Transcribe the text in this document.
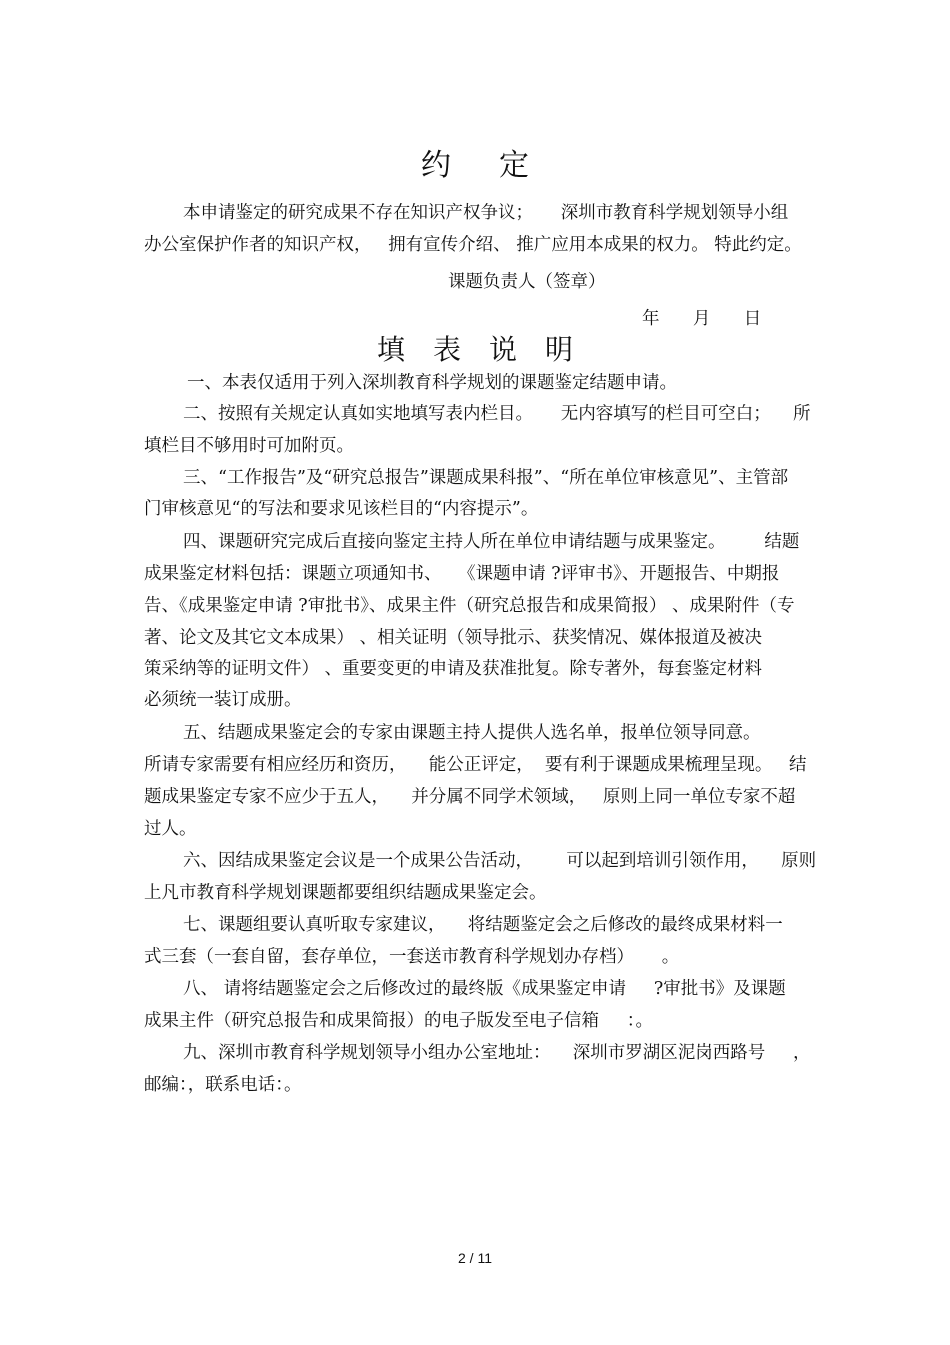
约定
本申请鉴定的研究成果不存在知识产权争议；     深圳市教育科学规划领导小组
办公室保护作者的知识产权，   拥有宣传介绍、 推广应用本成果的权力。 特此约定。
课题负责人（签章）
年      月      日
填表说明
一、本表仅适用于列入深圳教育科学规划的课题鉴定结题申请。
二、按照有关规定认真如实地填写表内栏目。     无内容填写的栏目可空白；    所
填栏目不够用时可加附页。
三、“工作报告”及“研究总报告”课题成果科报”、“所在单位审核意见”、主管部
门审核意见“的写法和要求见该栏目的“内容提示”。
四、课题研究完成后直接向鉴定主持人所在单位申请结题与成果鉴定。       结题
成果鉴定材料包括：课题立项通知书、   《课题申请 ?评审书》、开题报告、中期报
告、《成果鉴定申请 ?审批书》、成果主件（研究总报告和成果简报） 、成果附件（专
著、论文及其它文本成果） 、相关证明（领导批示、获奖情况、媒体报道及被决
策采纳等的证明文件） 、重要变更的申请及获准批复。除专著外，每套鉴定材料
必须统一装订成册。
五、结题成果鉴定会的专家由课题主持人提供人选名单，报单位领导同意。
所请专家需要有相应经历和资历，    能公正评定，  要有利于课题成果梳理呈现。   结
题成果鉴定专家不应少于五人，    并分属不同学术领域，   原则上同一单位专家不超
过人。
六、因结成果鉴定会议是一个成果公告活动，      可以起到培训引领作用，    原则
上凡市教育科学规划课题都要组织结题成果鉴定会。
七、课题组要认真听取专家建议，    将结题鉴定会之后修改的最终成果材料一
式三套（一套自留，套存单位，一套送市教育科学规划办存档）     。
八、 请将结题鉴定会之后修改过的最终版《成果鉴定申请     ?审批书》及课题
成果主件（研究总报告和成果简报）的电子版发至电子信箱     ：。
九、深圳市教育科学规划领导小组办公室地址：    深圳市罗湖区泥岗西路号     ，
邮编：，联系电话：。
2 / 11
